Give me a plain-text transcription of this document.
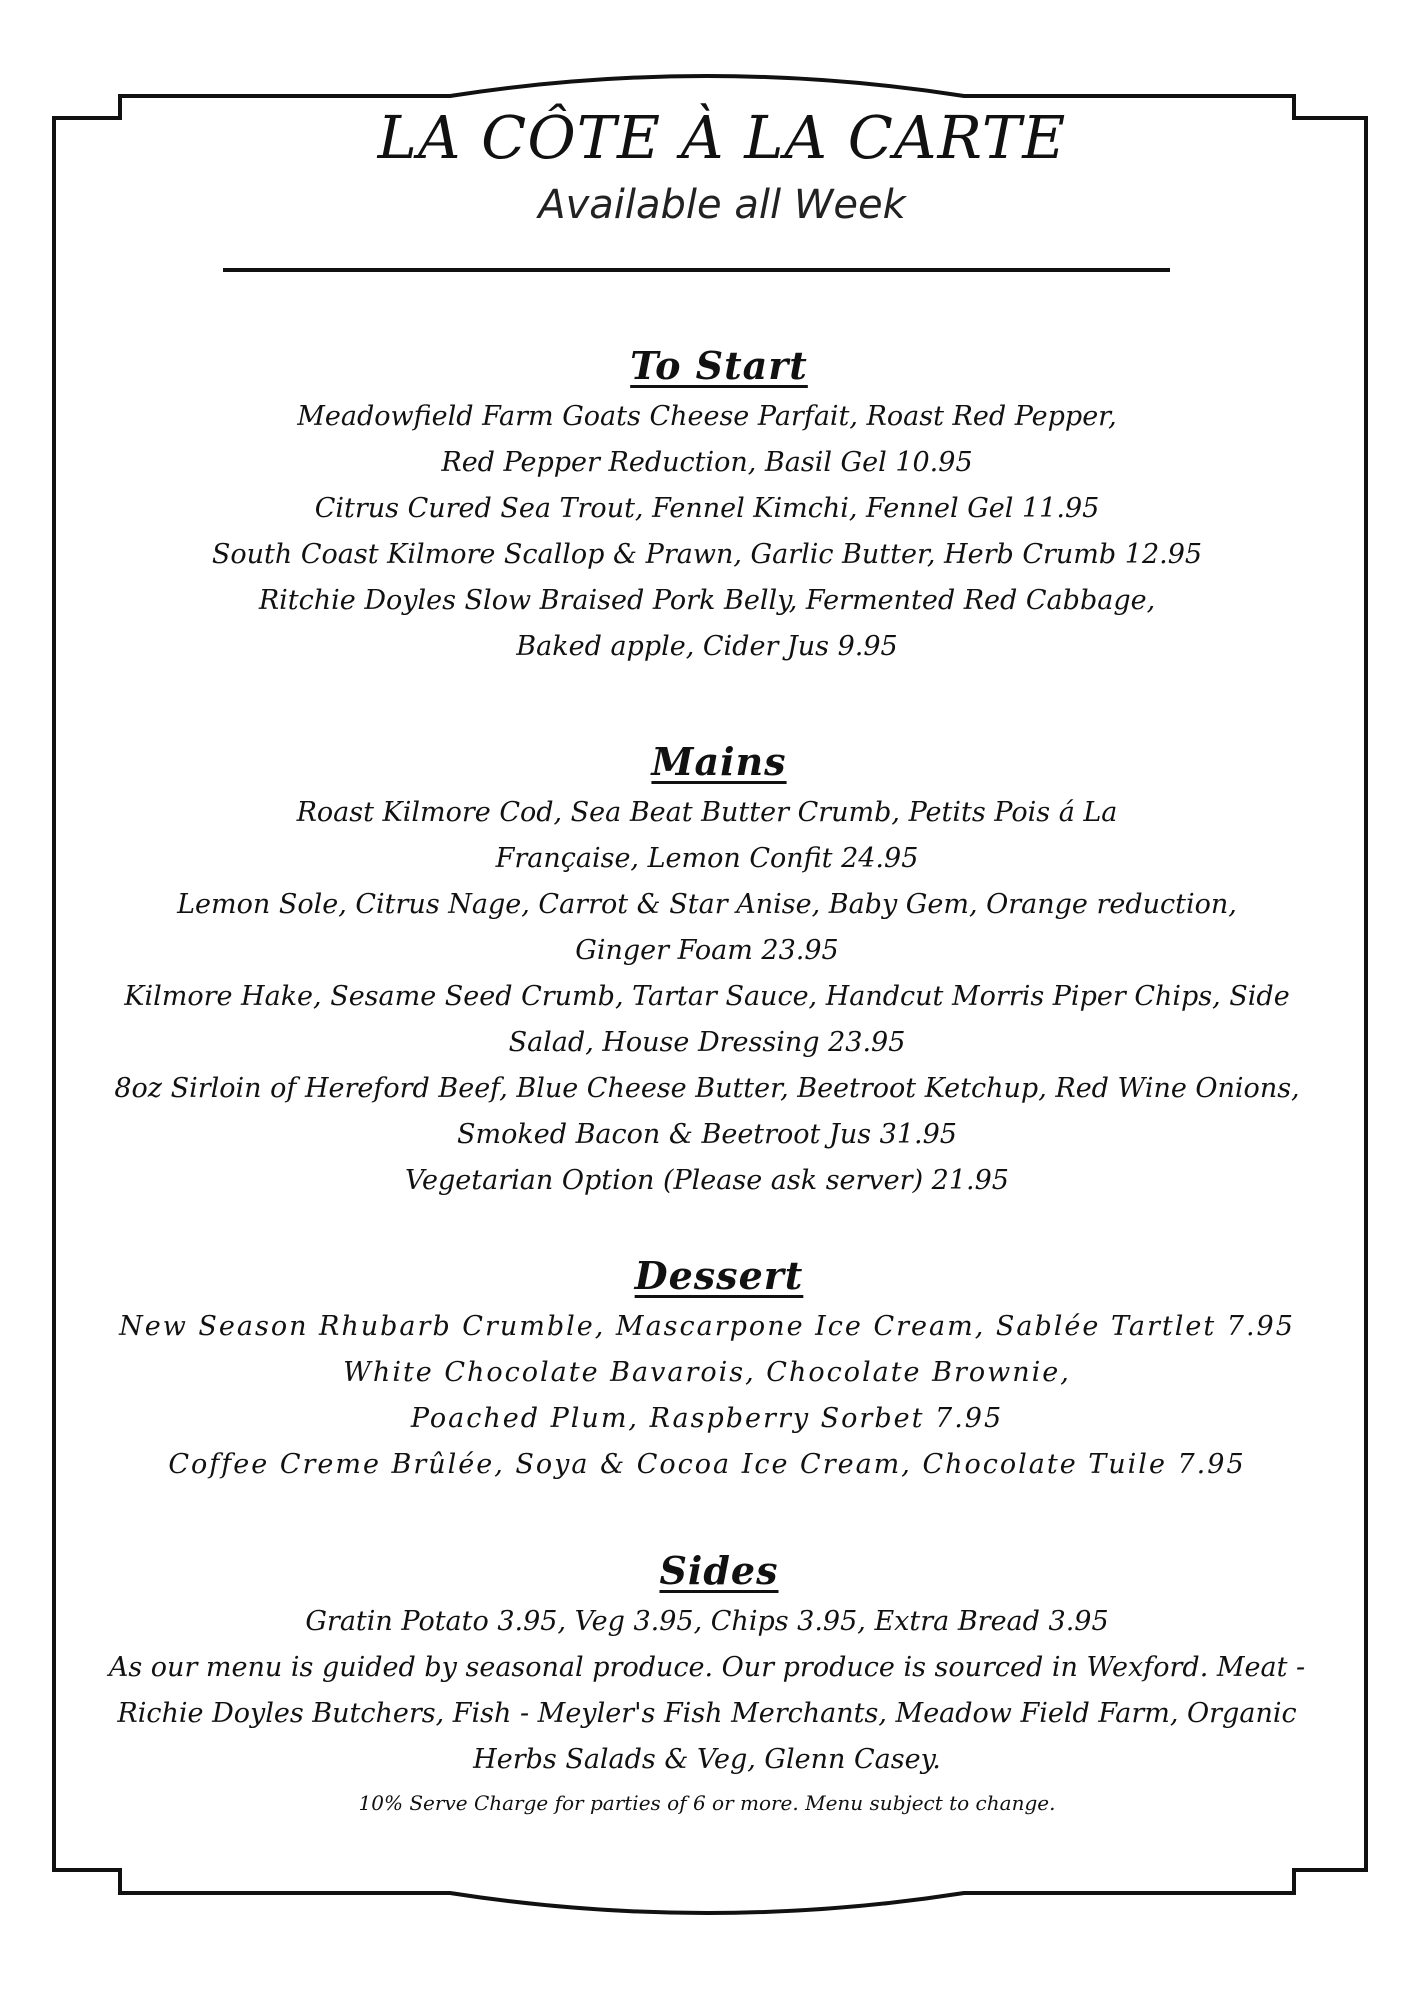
LA CÔTE À LA CARTE
Available all Week
To Start
Meadowfield Farm Goats Cheese Parfait, Roast Red Pepper, Red Pepper Reduction, Basil Gel 10.95
Citrus Cured Sea Trout, Fennel Kimchi, Fennel Gel 11.95
South Coast Kilmore Scallop & Prawn, Garlic Butter, Herb Crumb 12.95
Ritchie Doyles Slow Braised Pork Belly, Fermented Red Cabbage, Baked apple, Cider Jus 9.95
Mains
Roast Kilmore Cod, Sea Beat Butter Crumb, Petits Pois á La Française, Lemon Confit 24.95
Lemon Sole, Citrus Nage, Carrot & Star Anise, Baby Gem, Orange reduction, Ginger Foam 23.95
Kilmore Hake, Sesame Seed Crumb, Tartar Sauce, Handcut Morris Piper Chips, Side Salad, House Dressing 23.95
8oz Sirloin of Hereford Beef, Blue Cheese Butter, Beetroot Ketchup, Red Wine Onions, Smoked Bacon & Beetroot Jus 31.95
Vegetarian Option (Please ask server) 21.95
Dessert
New Season Rhubarb Crumble, Mascarpone Ice Cream, Sablée Tartlet 7.95
White Chocolate Bavarois, Chocolate Brownie, Poached Plum, Raspberry Sorbet 7.95
Coffee Creme Brûlée, Soya & Cocoa Ice Cream, Chocolate Tuile 7.95
Sides
Gratin Potato 3.95, Veg 3.95, Chips 3.95, Extra Bread 3.95

As our menu is guided by seasonal produce. Our produce is sourced in Wexford. Meat - Richie Doyles Butchers, Fish - Meyler's Fish Merchants, Meadow Field Farm, Organic Herbs Salads & Veg, Glenn Casey.

10% Serve Charge for parties of 6 or more. Menu subject to change.
